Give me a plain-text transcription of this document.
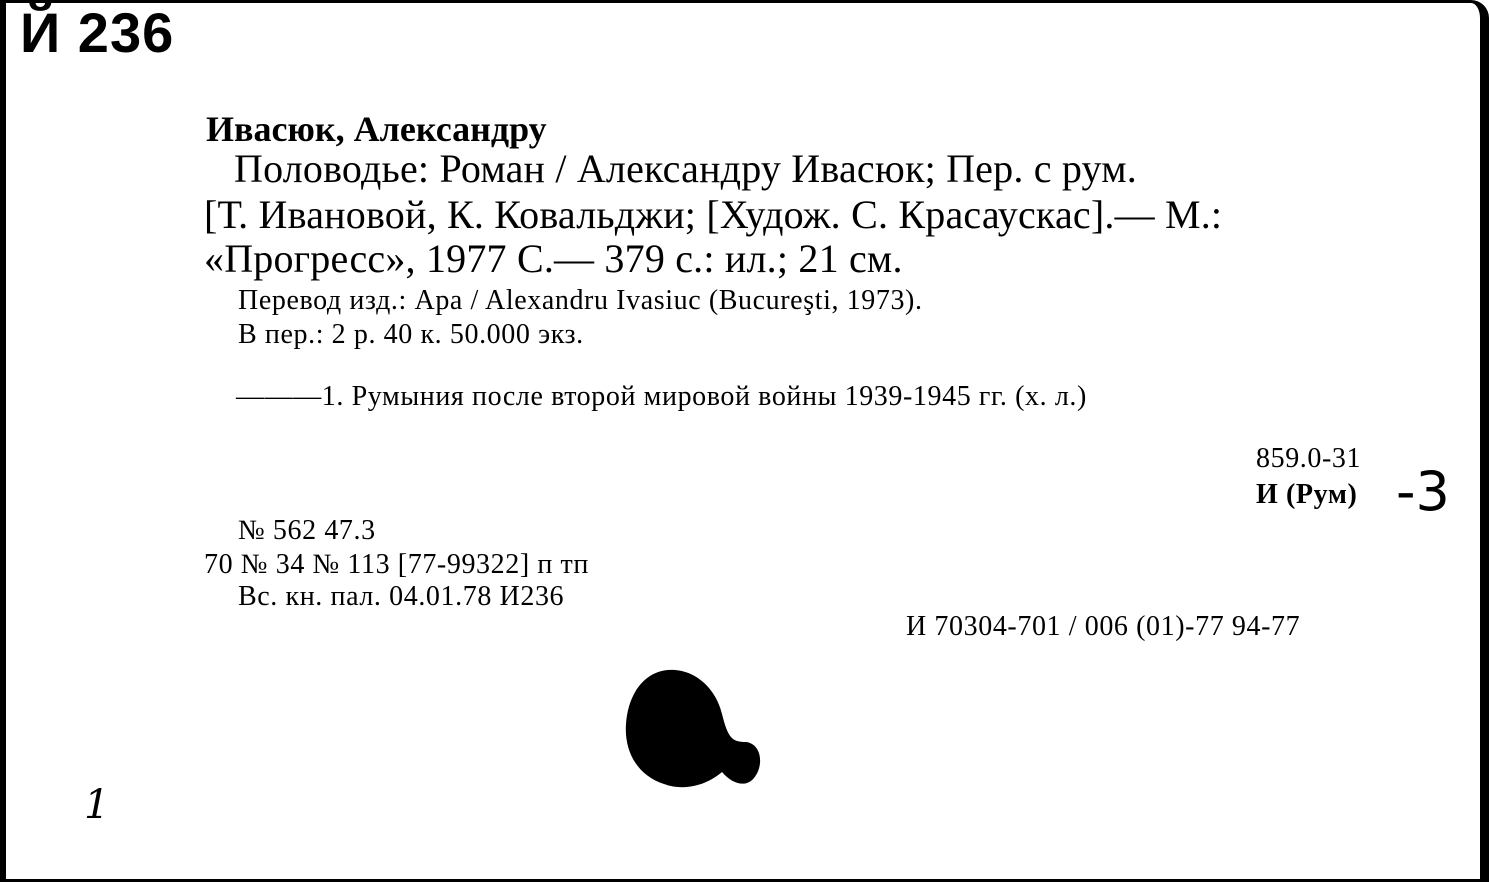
Й 236
Ивасюк, Александру
Половодье: Роман / Александру Ивасюк; Пер. с рум.
[Т. Ивановой, К. Ковальджи; [Худож. С. Красаускас].— М.:
«Прогресс», 1977 С.— 379 с.: ил.; 21 см.
Перевод изд.: Apa / Alexandru Ivasiuc (Bucureşti, 1973).
В пер.: 2 р. 40 к. 50.000 экз.
———1. Румыния после второй мировой войны 1939-1945 гг. (х. л.)
859.0-31
И (Рум) -3
№ 562 47.3
70 № 34 № 113 [77-99322] п тп
Вс. кн. пал. 04.01.78 И236
И 70304-701 / 006 (01)-77 94-77
1
